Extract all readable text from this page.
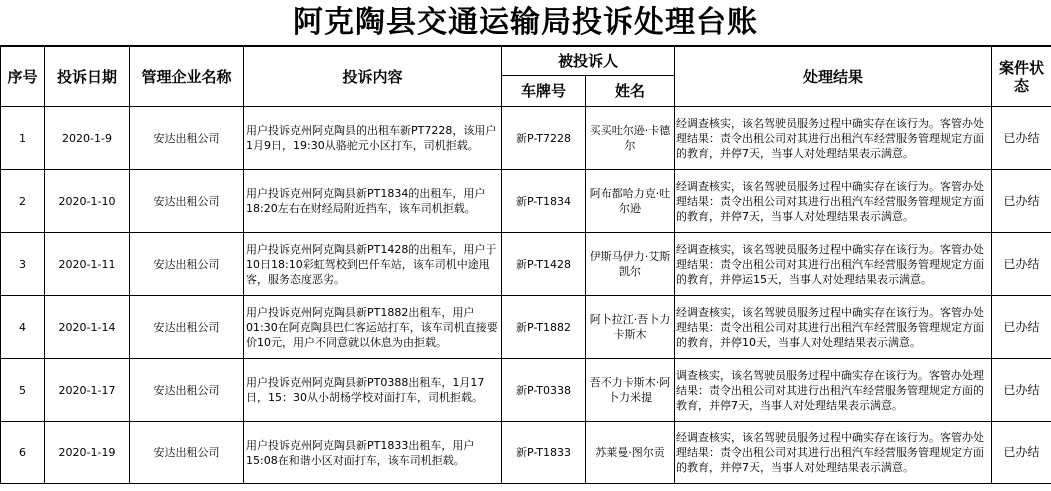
阿克陶县交通运输局投诉处理台账
序号	投诉日期	管理企业名称	投诉内容	被投诉人		处理结果	案件状态
				车牌号	姓名		
1	2020-1-9	安达出租公司	用户投诉克州阿克陶县的出租车新PT7228，该用户1月9日，19:30从骆驼元小区打车，司机拒载。	新P-T7228	买买吐尔逊·卡德尔	经调查核实，该名驾驶员服务过程中确实存在该行为。客管办处理结果：责令出租公司对其进行出租汽车经营服务管理规定方面的教育，并停7天，当事人对处理结果表示满意。	已办结
2	2020-1-10	安达出租公司	用户投诉克州阿克陶县新PT1834的出租车，用户18:20左右在财经局附近挡车，该车司机拒载。	新P-T1834	阿布都哈力克·吐尔逊	经调查核实，该名驾驶员服务过程中确实存在该行为。客管办处理结果：责令出租公司对其进行出租汽车经营服务管理规定方面的教育，并停7天，当事人对处理结果表示满意。	已办结
3	2020-1-11	安达出租公司	用户投诉克州阿克陶县新PT1428的出租车，用户于10日18:10彩虹驾校到巴仟车站，该车司机中途甩客，服务态度恶劣。	新P-T1428	伊斯马伊力·艾斯凯尔	经调查核实，该名驾驶员服务过程中确实存在该行为。客管办处理结果：责令出租公司对其进行出租汽车经营服务管理规定方面的教育，并停运15天，当事人对处理结果表示满意。	已办结
4	2020-1-14	安达出租公司	用户投诉克州阿克陶县新PT1882出租车，用户01:30在阿克陶县巴仁客运站打车，该车司机直接要价10元，用户不同意就以休息为由拒载。	新P-T1882	阿卜拉江·吾卜力卡斯木	经调查核实，该名驾驶员服务过程中确实存在该行为。客管办处理结果：责令出租公司对其进行出租汽车经营服务管理规定方面的教育，并停10天，当事人对处理结果表示满意。	已办结
5	2020-1-17	安达出租公司	用户投诉克州阿克陶县新PT0388出租车，1月17日，15：30从小胡杨学校对面打车，司机拒载。	新P-T0338	吾不力卡斯木·阿卜力米提	调查核实，该名驾驶员服务过程中确实存在该行为。客管办处理结果：责令出租公司对其进行出租汽车经营服务管理规定方面的教育，并停7天，当事人对处理结果表示满意。	已办结
6	2020-1-19	安达出租公司	用户投诉克州阿克陶县新PT1833出租车，用户15:08在和谐小区对面打车，该车司机拒载。	新P-T1833	苏莱曼·图尔贡	经调查核实，该名驾驶员服务过程中确实存在该行为。客管办处理结果：责令出租公司对其进行出租汽车经营服务管理规定方面的教育，并停7天，当事人对处理结果表示满意。	已办结
